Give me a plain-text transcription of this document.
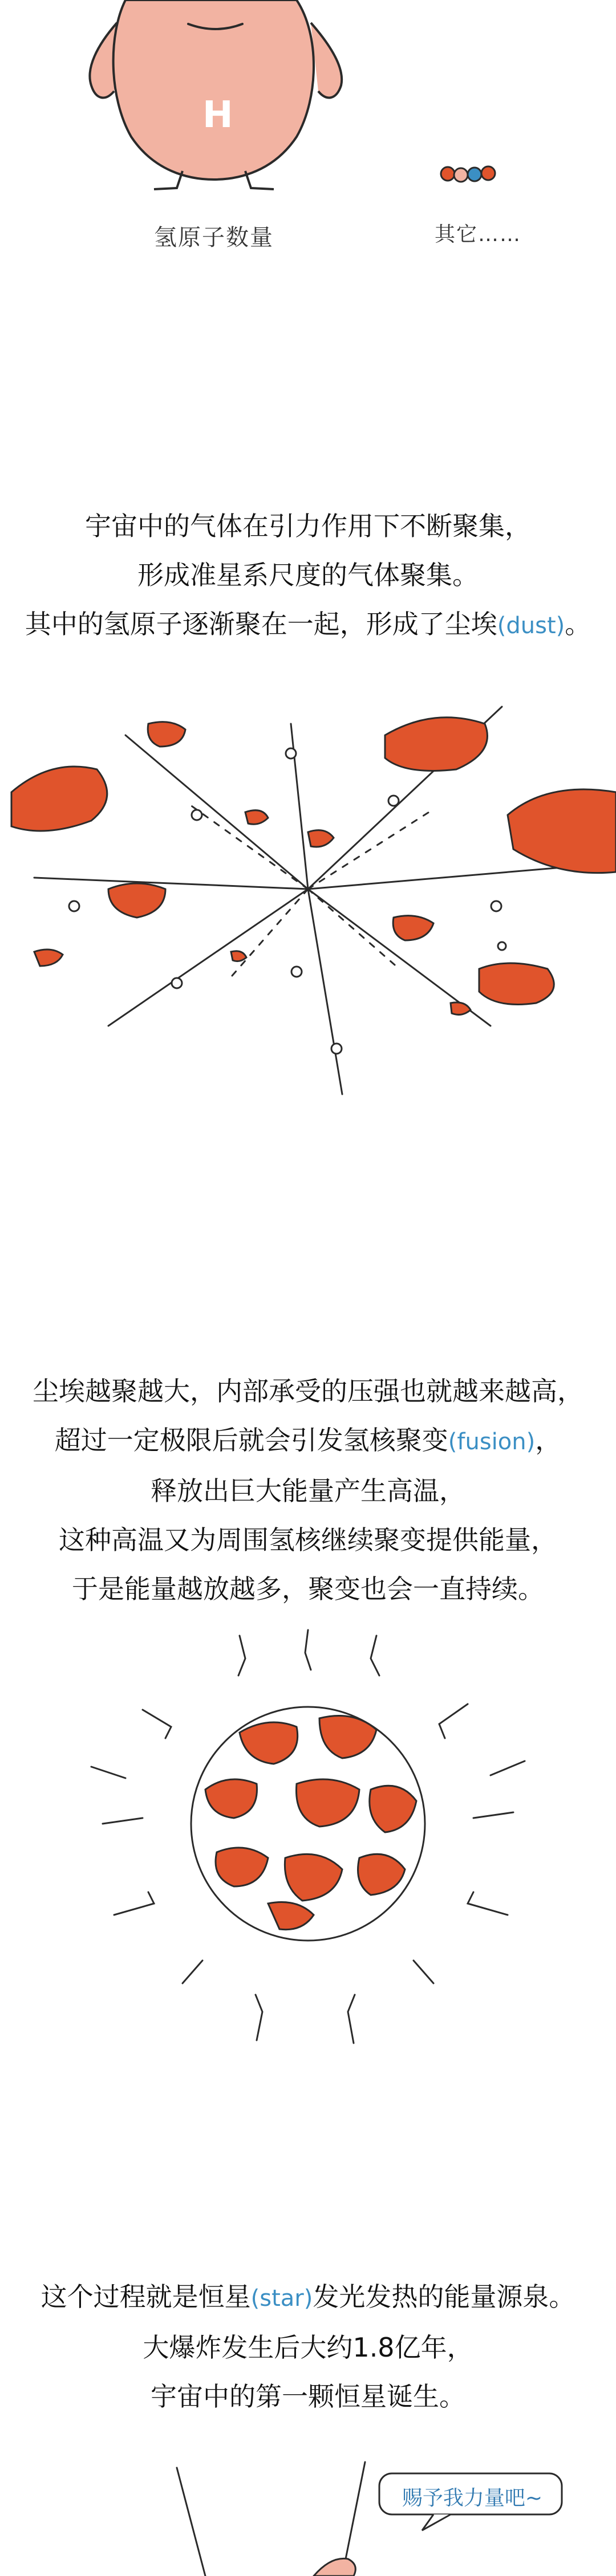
H
氢原子数量	其它……
宇宙中的气体在引力作用下不断聚集，
形成准星系尺度的气体聚集。
其中的氢原子逐渐聚在一起，形成了尘埃(dust)。
尘埃越聚越大，内部承受的压强也就越来越高，
超过一定极限后就会引发氢核聚变(fusion)，
释放出巨大能量产生高温，
这种高温又为周围氢核继续聚变提供能量，
于是能量越放越多，聚变也会一直持续。
这个过程就是恒星(star)发光发热的能量源泉。
大爆炸发生后大约1.8亿年，
宇宙中的第一颗恒星诞生。
赐予我力量吧~
